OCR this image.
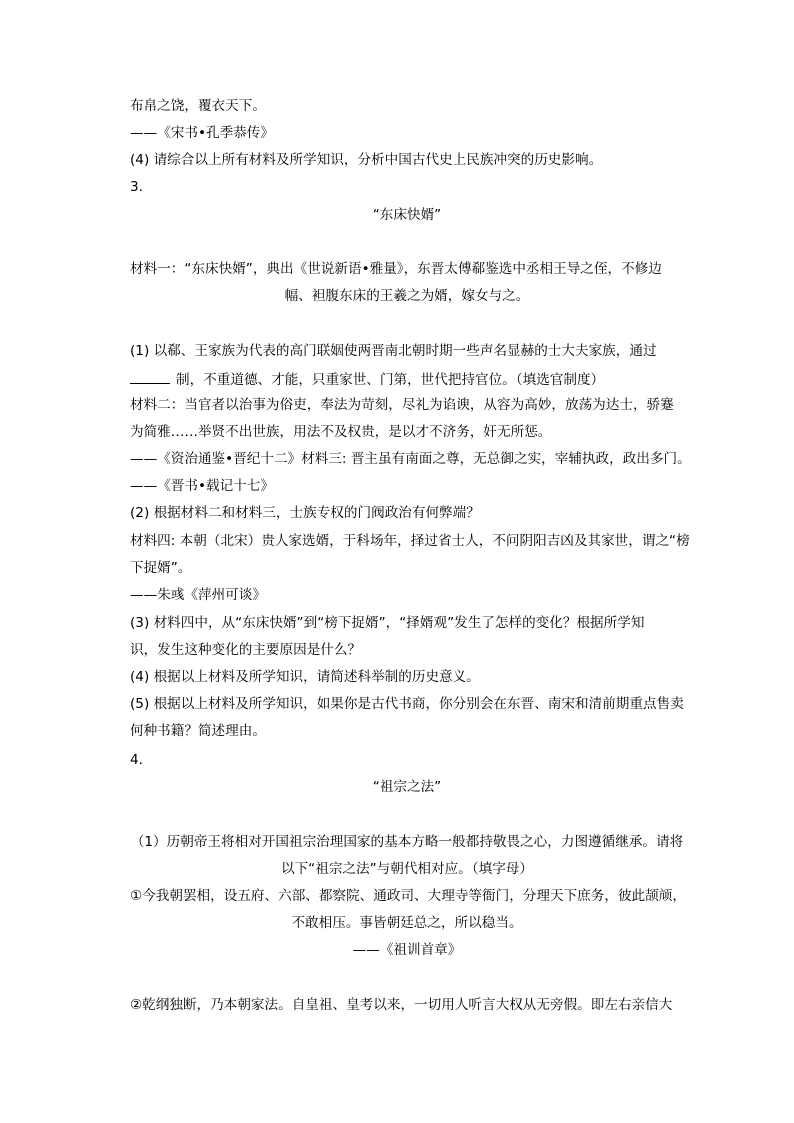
布帛之饶，覆衣天下。
——《宋书•孔季恭传》
(4) 请综合以上所有材料及所学知识，分析中国古代史上民族冲突的历史影响。
3.
“东床快婿”
材料一：“东床快婿”，典出《世说新语•雅量》，东晋太傅郗鉴选中丞相王导之侄，不修边
幅、袒腹东床的王羲之为婿，嫁女与之。
(1) 以郗、王家族为代表的高门联姻使两晋南北朝时期一些声名显赫的士大夫家族，通过
制，不重道德、才能，只重家世、门第，世代把持官位。（填选官制度）
材料二：当官者以治事为俗吏，奉法为苛刻，尽礼为谄谀，从容为高妙，放荡为达士，骄蹇
为简雅……举贤不出世族，用法不及权贵，是以才不济务，奸无所惩。
——《资治通鉴•晋纪十二》材料三: 晋主虽有南面之尊，无总御之实，宰辅执政，政出多门。
——《晋书•载记十七》
(2) 根据材料二和材料三，士族专权的门阀政治有何弊端？
材料四: 本朝（北宋）贵人家选婿，于科场年，择过省士人，不问阴阳吉凶及其家世，谓之“榜
下捉婿”。
——朱彧《萍州可谈》
(3) 材料四中，从“东床快婿”到“榜下捉婿”，“择婿观”发生了怎样的变化？根据所学知
识，发生这种变化的主要原因是什么？
(4) 根据以上材料及所学知识，请简述科举制的历史意义。
(5) 根据以上材料及所学知识，如果你是古代书商，你分别会在东晋、南宋和清前期重点售卖
何种书籍？简述理由。
4.
“祖宗之法”
（1）历朝帝王将相对开国祖宗治理国家的基本方略一般都持敬畏之心，力图遵循继承。请将
以下“祖宗之法”与朝代相对应。（填字母）
①今我朝罢相，设五府、六部、都察院、通政司、大理寺等衙门，分理天下庶务，彼此颉颃，
不敢相压。事皆朝廷总之，所以稳当。
——《祖训首章》
②乾纲独断，乃本朝家法。自皇祖、皇考以来，一切用人听言大权从无旁假。即左右亲信大
